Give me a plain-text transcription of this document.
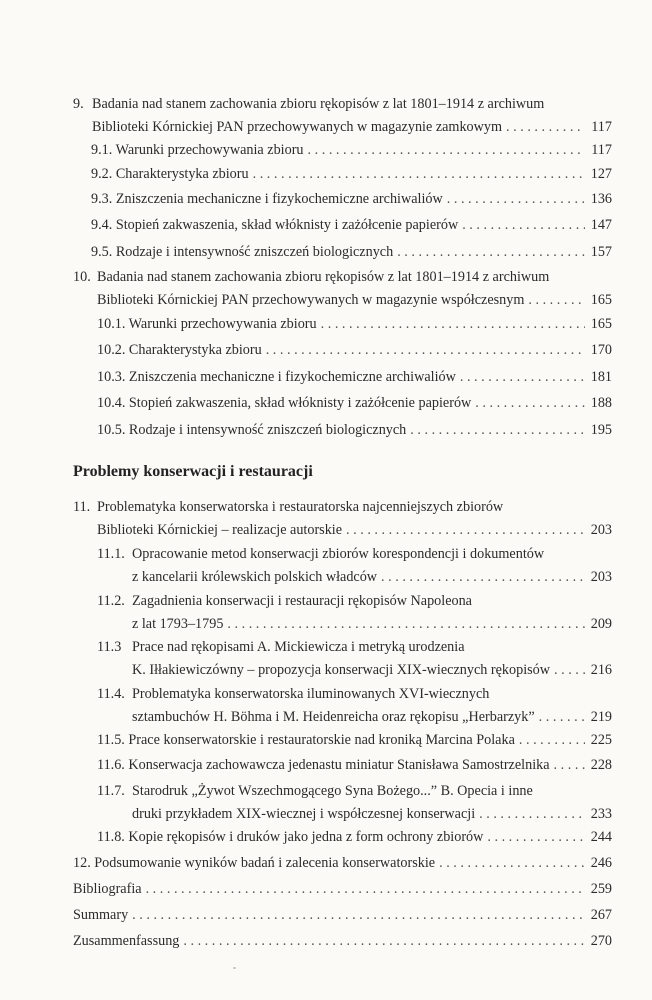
9. Badania nad stanem zachowania zbioru rękopisów z lat 1801–1914 z archiwum
Biblioteki Kórnickiej PAN przechowywanych w magazynie zamkowym . . .	117
9.1. Warunki przechowywania zbioru . . .	117
9.2. Charakterystyka zbioru . . .	127
9.3. Zniszczenia mechaniczne i fizykochemiczne archiwaliów . . .	136
9.4. Stopień zakwaszenia, skład włóknisty i zażółcenie papierów . . .	147
9.5. Rodzaje i intensywność zniszczeń biologicznych . . .	157
10. Badania nad stanem zachowania zbioru rękopisów z lat 1801–1914 z archiwum
Biblioteki Kórnickiej PAN przechowywanych w magazynie współczesnym . . .	165
10.1. Warunki przechowywania zbioru . . .	165
10.2. Charakterystyka zbioru . . .	170
10.3. Zniszczenia mechaniczne i fizykochemiczne archiwaliów . . .	181
10.4. Stopień zakwaszenia, skład włóknisty i zażółcenie papierów . . .	188
10.5. Rodzaje i intensywność zniszczeń biologicznych . . .	195
Problemy konserwacji i restauracji
11. Problematyka konserwatorska i restauratorska najcenniejszych zbiorów
Biblioteki Kórnickiej – realizacje autorskie . . .	203
11.1. Opracowanie metod konserwacji zbiorów korespondencji i dokumentów
z kancelarii królewskich polskich władców . . .	203
11.2. Zagadnienia konserwacji i restauracji rękopisów Napoleona
z lat 1793–1795 . . .	209
11.3 Prace nad rękopisami A. Mickiewicza i metryką urodzenia
K. Iłłakiewiczówny – propozycja konserwacji XIX-wiecznych rękopisów . . .	216
11.4. Problematyka konserwatorska iluminowanych XVI-wiecznych
sztambuchów H. Böhma i M. Heidenreicha oraz rękopisu „Herbarzyk” . . .	219
11.5. Prace konserwatorskie i restauratorskie nad kroniką Marcina Polaka . . .	225
11.6. Konserwacja zachowawcza jedenastu miniatur Stanisława Samostrzelnika . . .	228
11.7. Starodruk „Żywot Wszechmogącego Syna Bożego...” B. Opecia i inne
druki przykładem XIX-wiecznej i współczesnej konserwacji . . .	233
11.8. Kopie rękopisów i druków jako jedna z form ochrony zbiorów . . .	244
12. Podsumowanie wyników badań i zalecenia konserwatorskie . . .	246
Bibliografia . . .	259
Summary . . .	267
Zusammenfassung . . .	270
